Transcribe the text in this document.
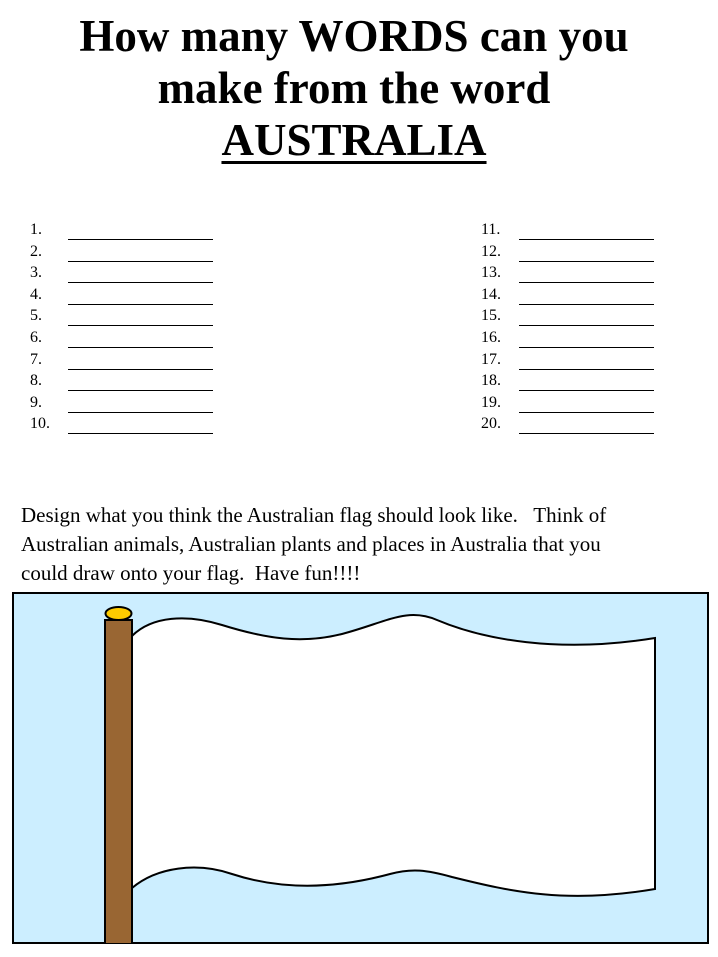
How many WORDS can you
make from the word
AUSTRALIA
1.
2.
3.
4.
5.
6.
7.
8.
9.
10.
11.
12.
13.
14.
15.
16.
17.
18.
19.
20.

Design what you think the Australian flag should look like.   Think of
Australian animals, Australian plants and places in Australia that you
could draw onto your flag.  Have fun!!!!
